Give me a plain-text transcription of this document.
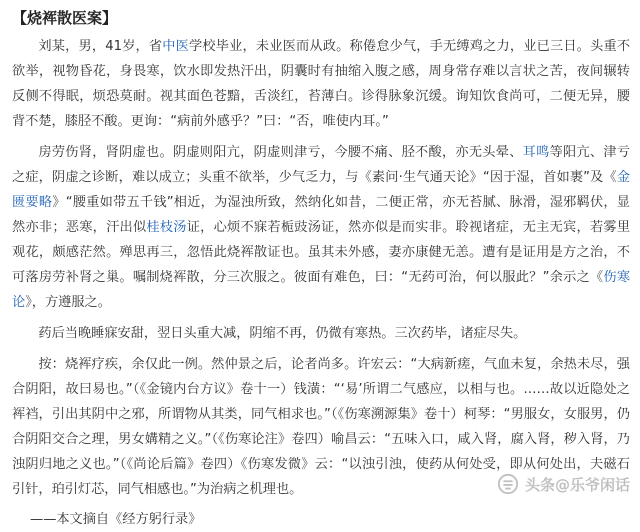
【烧裈散医案】

刘某，男，41岁，省中医学校毕业，未业医而从政。称倦怠少气，手无缚鸡之力，业已三日。头重不欲举，视物昏花，身畏寒，饮水即发热汗出，阴囊时有抽缩入腹之感，周身常存难以言状之苦，夜间辗转反侧不得眠，烦恐莫耐。视其面色苍黯，舌淡红，苔薄白。诊得脉象沉缓。询知饮食尚可，二便无异，腰背不楚，膝胫不酸。更询：“病前外感乎？”曰：“否，唯使内耳。”

房劳伤肾，肾阴虚也。阴虚则阳亢，阴虚则津亏，今腰不痛、胫不酸，亦无头晕、耳鸣等阳亢、津亏之症，阴虚之诊断，难以成立；头重不欲举，少气乏力，与《素问·生气通天论》“因于湿，首如裹”及《金匮要略》“腰重如带五千钱”相近，为湿浊所致，然纳化如昔，二便正常，亦无苔腻、脉滑，湿邪羁伏，显然亦非；恶寒，汗出似桂枝汤证，心烦不寐若栀豉汤证，然亦似是而实非。聆视诸症，无主无宾，若雾里观花，颇感茫然。殚思再三，忽悟此烧裈散证也。虽其未外感，妻亦康健无恙。遭有是证用是方之治，不可落房劳补肾之巢。嘱制烧裈散，分三次服之。彼面有难色，曰：“无药可治，何以服此？”余示之《伤寒论》，方遵服之。

药后当晚睡寐安甜，翌日头重大减，阴缩不再，仍微有寒热。三次药毕，诸症尽失。

按：烧裈疗疾，余仅此一例。然仲景之后，论者尚多。许宏云：“大病新瘥，气血未复，余热未尽，强合阴阳，故曰易也。”（《金镜内台方议》卷十一）钱潢：“‘易’所谓二气感应，以相与也。……故以近隐处之裈裆，引出其阴中之邪，所谓物从其类，同气相求也。”（《伤寒溯源集》卷十）柯琴：“男服女，女服男，仍合阴阳交合之理，男女媾精之义。”（《伤寒论注》卷四）喻昌云：“五味入口，咸入肾，腐入肾，秽入肾，乃浊阴归地之义也。”（《尚论后篇》卷四）《伤寒发微》云：“以浊引浊，使药从何处受，即从何处出，夫磁石引针，珀引灯芯，同气相感也。”为治病之机理也。

——本文摘自《经方躬行录》
头条@乐爷闲话
